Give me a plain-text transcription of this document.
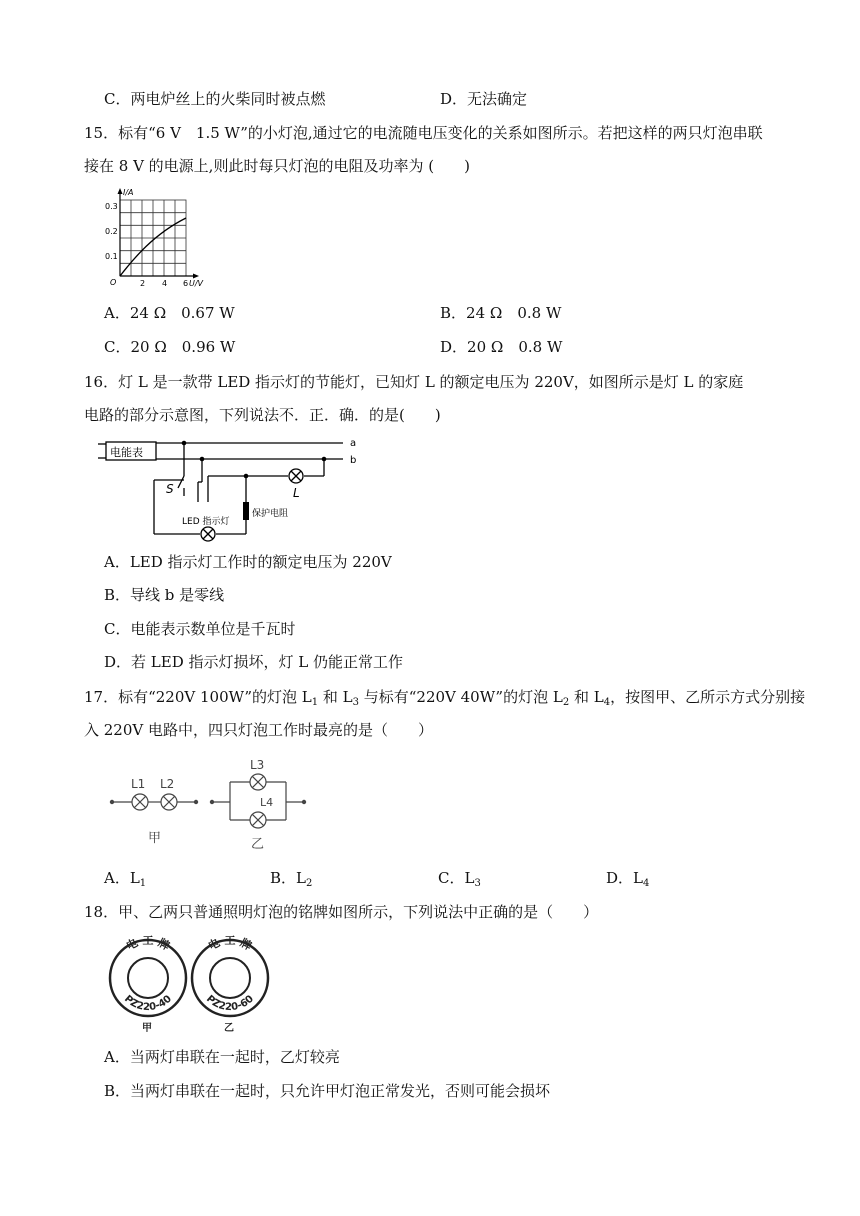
C．两电炉丝上的火柴同时被点燃	D．无法确定
15．标有“6 V　1.5 W”的小灯泡,通过它的电流随电压变化的关系如图所示。若把这样的两只灯泡串联
接在 8 V 的电源上,则此时每只灯泡的电阻及功率为 (　　)
I/A
0.3
0.2
0.1
O	2 4 6 U/V
A．24 Ω　0.67 W	B．24 Ω　0.8 W
C．20 Ω　0.96 W	D．20 Ω　0.8 W
16．灯 L 是一款带 LED 指示灯的节能灯，已知灯 L 的额定电压为 220V，如图所示是灯 L 的家庭
电路的部分示意图，下列说法不．正．确．的是(　　)
电能表
a
b
S	L
LED 指示灯
保护电阻
A．LED 指示灯工作时的额定电压为 220V
B．导线 b 是零线
C．电能表示数单位是千瓦时
D．若 LED 指示灯损坏，灯 L 仍能正常工作
17．标有“220V 100W”的灯泡 $L_1$ 和 $L_3$ 与标有“220V 40W”的灯泡 $L_2$ 和 $L_4$，按图甲、乙所示方式分别接
入 220V 电路中，四只灯泡工作时最亮的是（　　）
L1 L2
L3
L4
甲	乙
A．$L_1$	B．$L_2$	C．$L_3$	D．$L_4$
18．甲、乙两只普通照明灯泡的铭牌如图所示，下列说法中正确的是（　　）
电 工 牌
PZ220-40
电 工 牌
PZ220-60
甲	乙
A．当两灯串联在一起时，乙灯较亮
B．当两灯串联在一起时，只允许甲灯泡正常发光，否则可能会损坏
